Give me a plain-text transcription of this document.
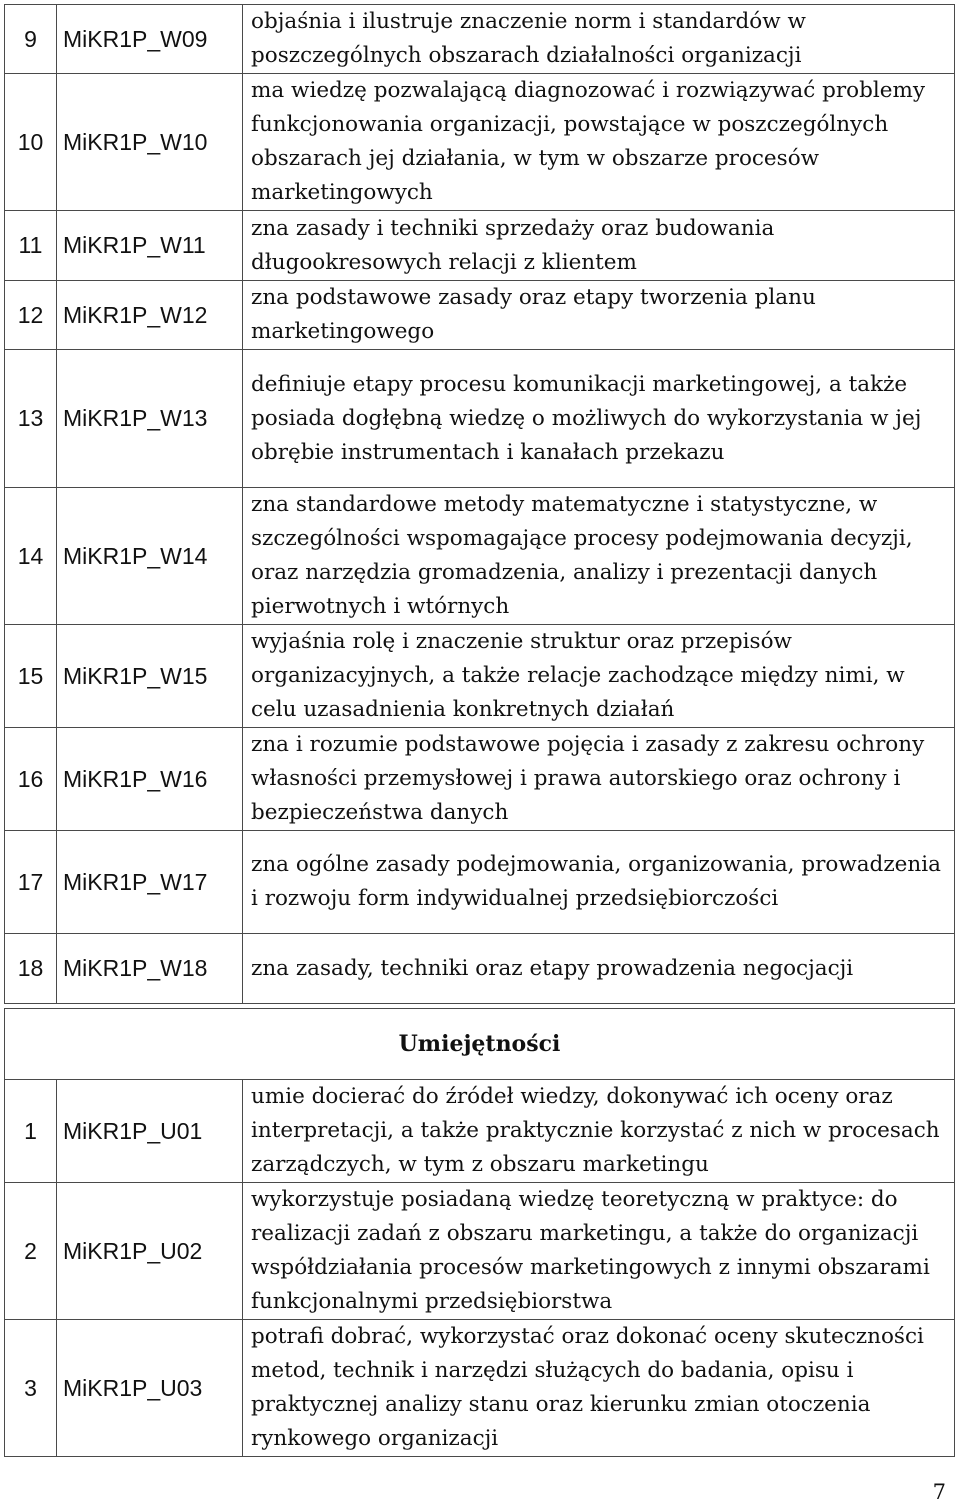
9	MiKR1P_W09	objaśnia i ilustruje znaczenie norm i standardów w poszczególnych obszarach działalności organizacji
10	MiKR1P_W10	ma wiedzę pozwalającą diagnozować i rozwiązywać problemy funkcjonowania organizacji, powstające w poszczególnych obszarach jej działania, w tym w obszarze procesów marketingowych
11	MiKR1P_W11	zna zasady i techniki sprzedaży oraz budowania długookresowych relacji z klientem
12	MiKR1P_W12	zna podstawowe zasady oraz etapy tworzenia planu marketingowego
13	MiKR1P_W13	definiuje etapy procesu komunikacji marketingowej, a także posiada dogłębną wiedzę o możliwych do wykorzystania w jej obrębie instrumentach i kanałach przekazu
14	MiKR1P_W14	zna standardowe metody matematyczne i statystyczne, w szczególności wspomagające procesy podejmowania decyzji, oraz narzędzia gromadzenia, analizy i prezentacji danych pierwotnych i wtórnych
15	MiKR1P_W15	wyjaśnia rolę i znaczenie struktur oraz przepisów organizacyjnych, a także relacje zachodzące między nimi, w celu uzasadnienia konkretnych działań
16	MiKR1P_W16	zna i rozumie podstawowe pojęcia i zasady z zakresu ochrony własności przemysłowej i prawa autorskiego oraz ochrony i bezpieczeństwa danych
17	MiKR1P_W17	zna ogólne zasady podejmowania, organizowania, prowadzenia i rozwoju form indywidualnej przedsiębiorczości
18	MiKR1P_W18	zna zasady, techniki oraz etapy prowadzenia negocjacji
Umiejętności		
1	MiKR1P_U01	umie docierać do źródeł wiedzy, dokonywać ich oceny oraz interpretacji, a także praktycznie korzystać z nich w procesach zarządczych, w tym z obszaru marketingu
2	MiKR1P_U02	wykorzystuje posiadaną wiedzę teoretyczną w praktyce: do realizacji zadań z obszaru marketingu, a także do organizacji współdziałania procesów marketingowych z innymi obszarami funkcjonalnymi przedsiębiorstwa
3	MiKR1P_U03	potrafi dobrać, wykorzystać oraz dokonać oceny skuteczności metod, technik i narzędzi służących do badania, opisu i praktycznej analizy stanu oraz kierunku zmian otoczenia rynkowego organizacji
7
